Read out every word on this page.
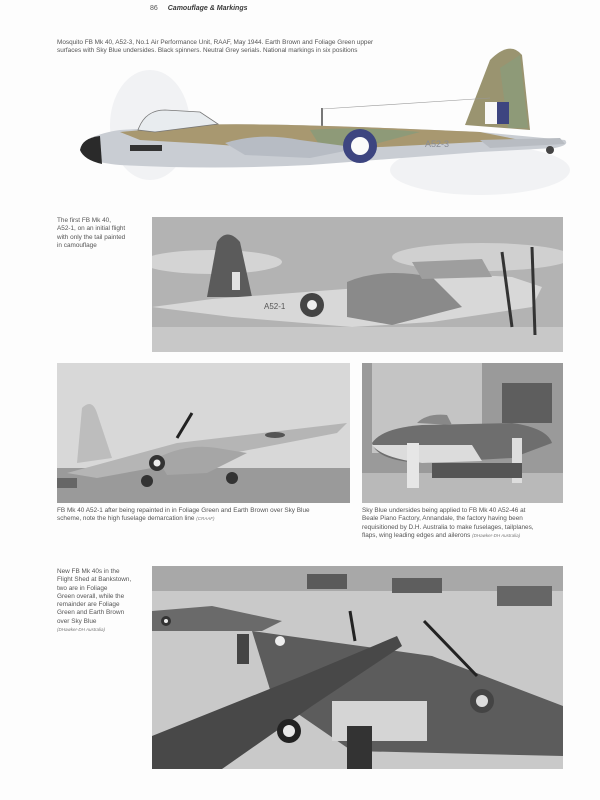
86 Camouflage & Markings
Mosquito FB Mk 40, A52-3, No.1 Air Performance Unit, RAAF, May 1944. Earth Brown and Foliage Green upper
surfaces with Sky Blue undersides. Black spinners. Neutral Grey serials. National markings in six positions
A52-3
The first FB Mk 40,
A52-1, on an initial flight
with only the tail painted
in camouflage
A52-1
FB Mk 40 A52-1 after being repainted in in Foliage Green and Earth Brown over Sky Blue
scheme, note the high fuselage demarcation line (CRAAF)
Sky Blue undersides being applied to FB Mk 40 A52-46 at
Beale Piano Factory, Annandale, the factory having been
requisitioned by D.H. Australia to make fuselages, tailplanes,
flaps, wing leading edges and ailerons (DHawker-DH Australia)
New FB Mk 40s in the
Flight Shed at Bankstown,
two are in Foliage
Green overall, while the
remainder are Foliage
Green and Earth Brown
over Sky Blue
(DHawker-DH Australia)
